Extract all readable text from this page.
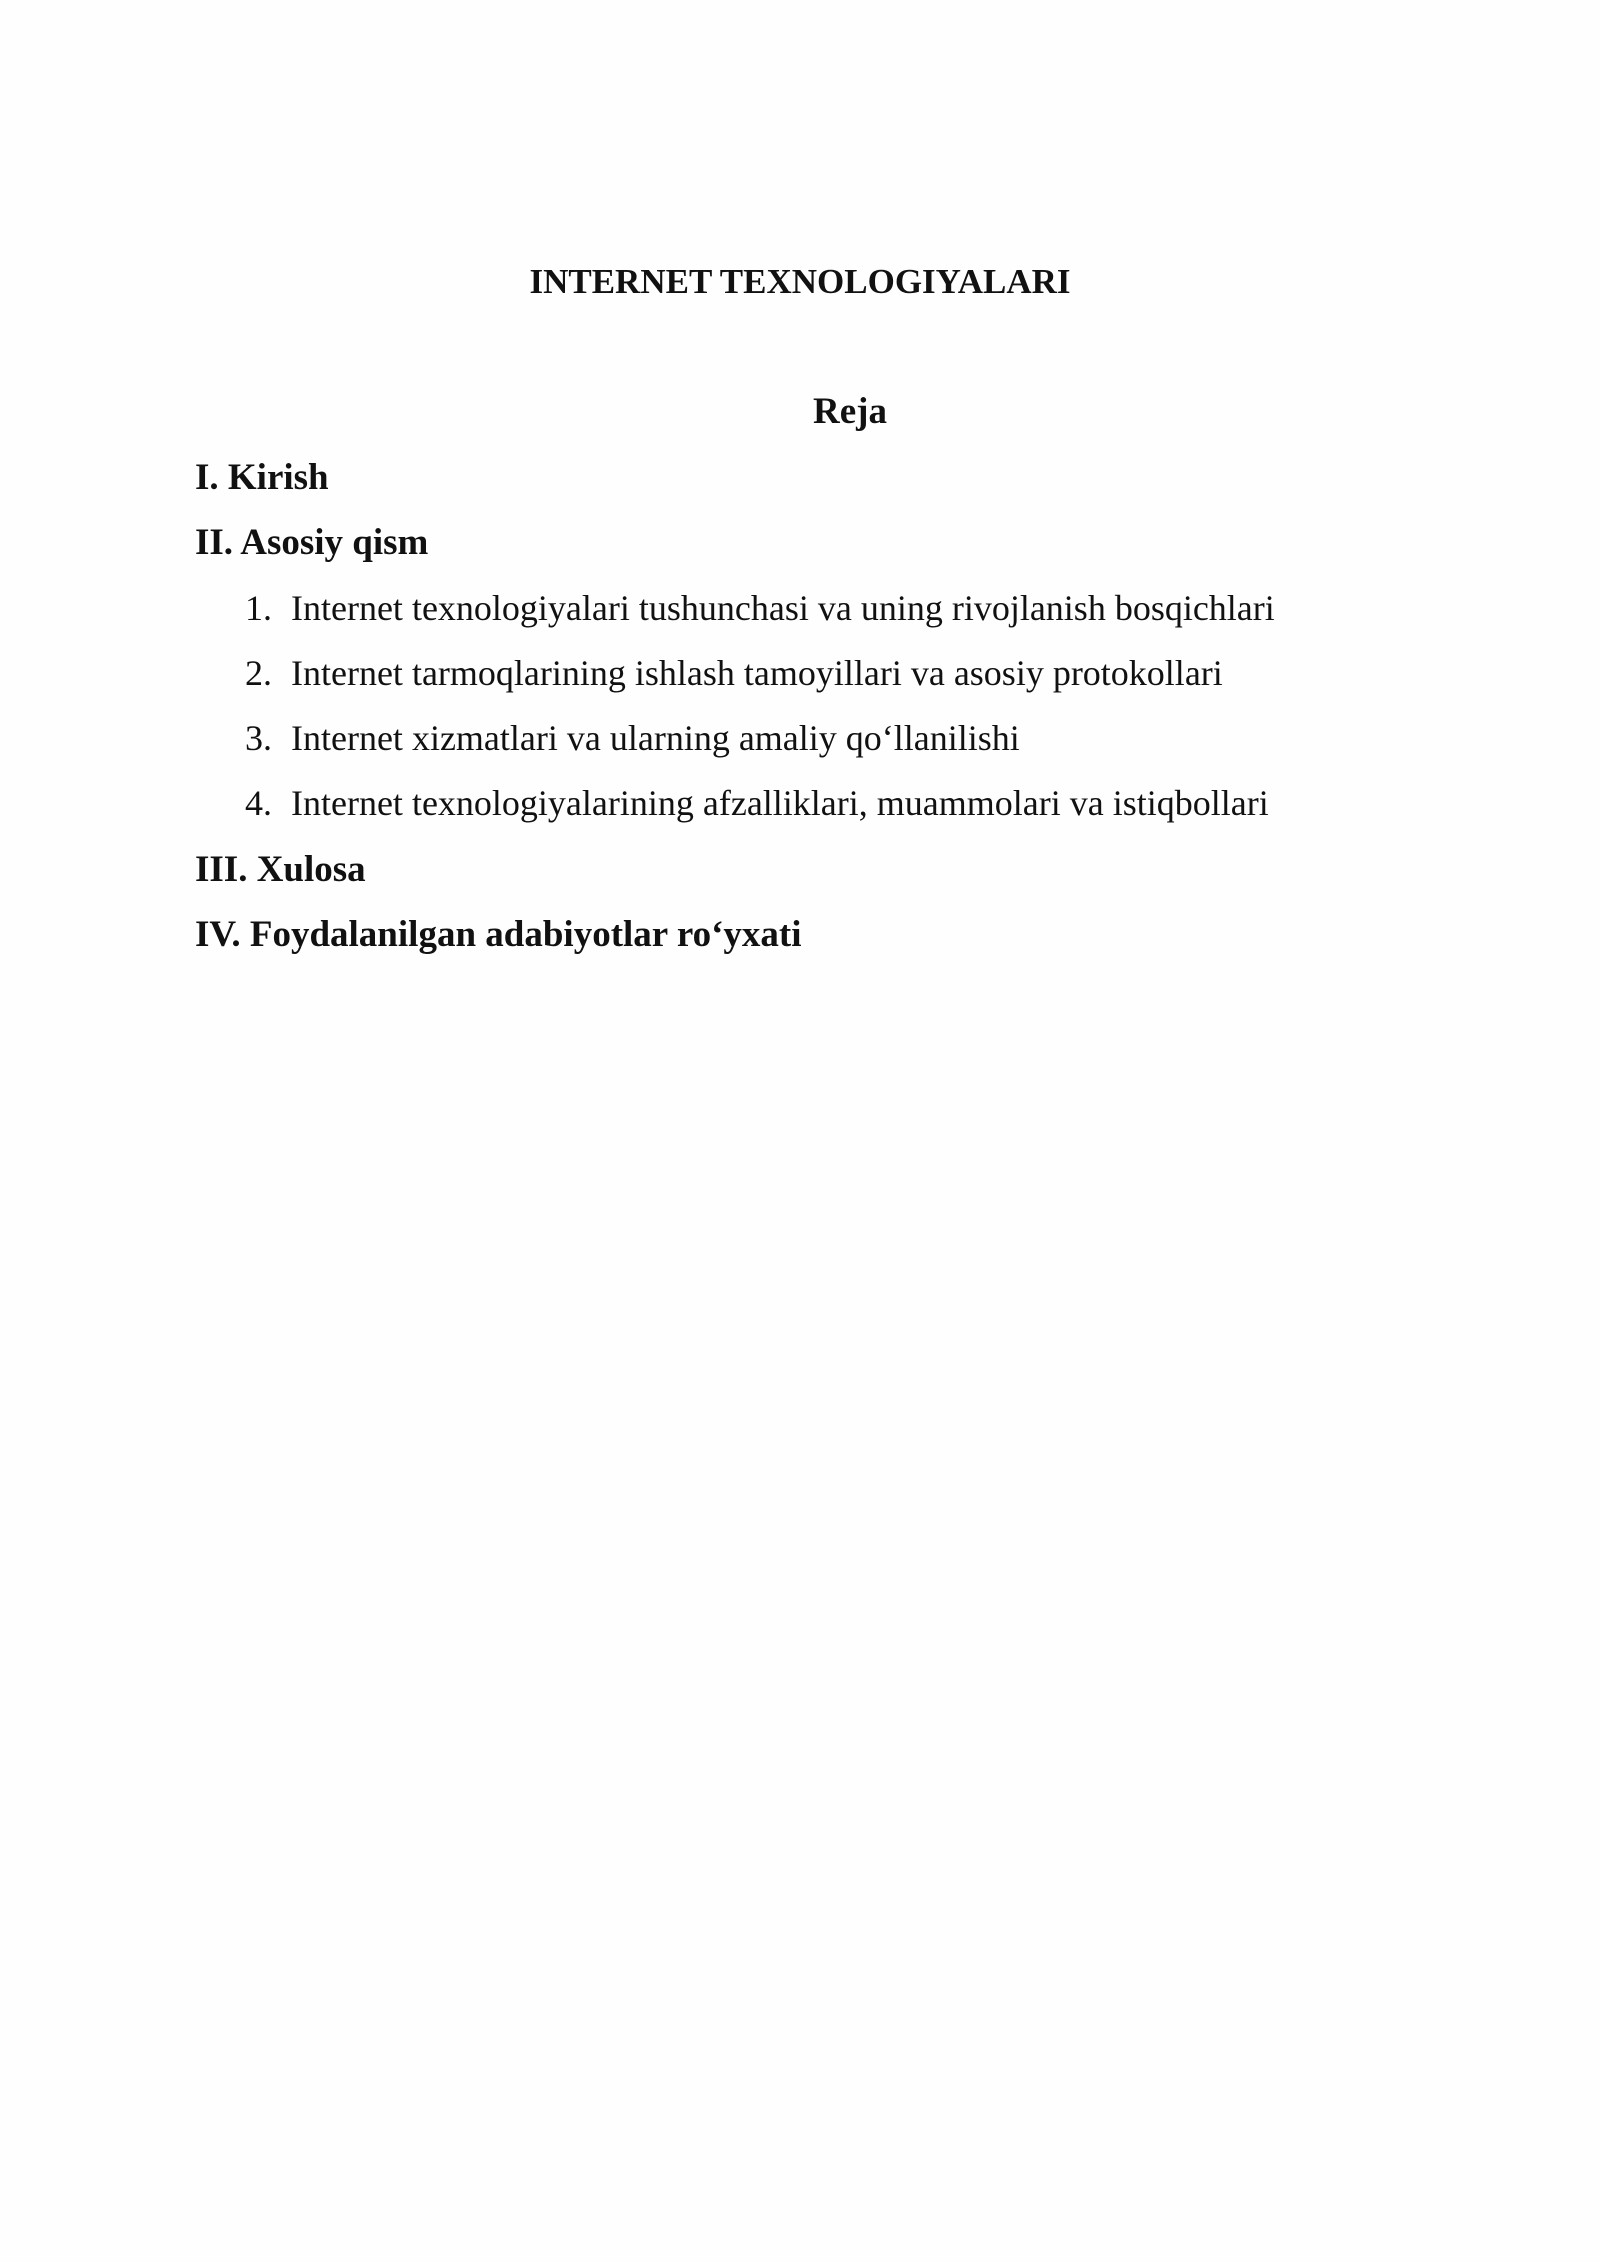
INTERNET TEXNOLOGIYALARI
Reja

I. Kirish

II. Asosiy qism

1. Internet texnologiyalari tushunchasi va uning rivojlanish bosqichlari
2. Internet tarmoqlarining ishlash tamoyillari va asosiy protokollari
3. Internet xizmatlari va ularning amaliy qo‘llanilishi
4. Internet texnologiyalarining afzalliklari, muammolari va istiqbollari

III. Xulosa

IV. Foydalanilgan adabiyotlar ro‘yxati
